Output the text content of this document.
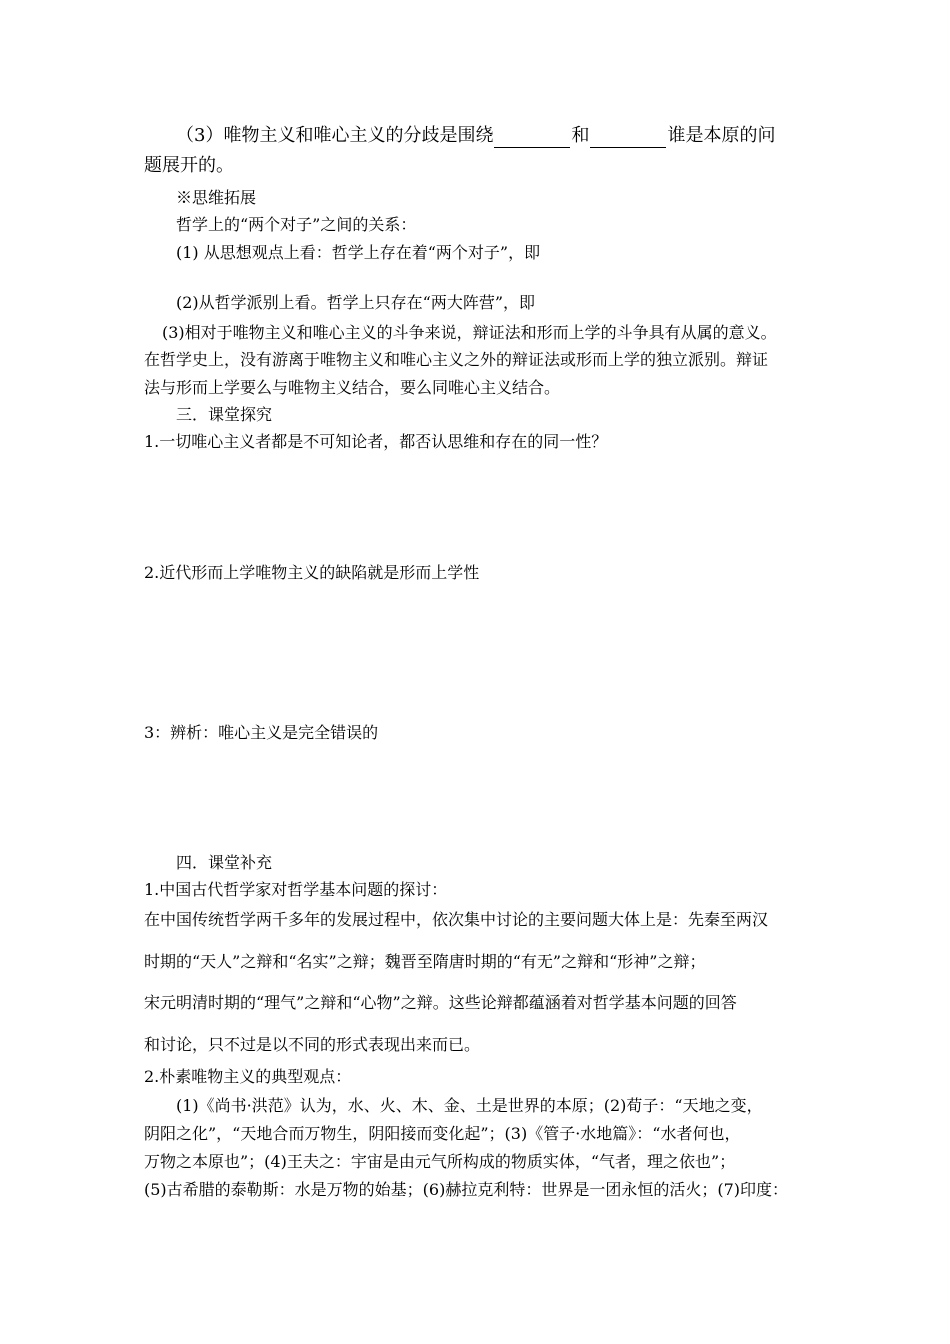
（3）唯物主义和唯心主义的分歧是围绕	和	谁是本原的问
题展开的。
※思维拓展
哲学上的“两个对子”之间的关系：
(1) 从思想观点上看：哲学上存在着“两个对子”，即
(2)从哲学派别上看。哲学上只存在“两大阵营”，即
(3)相对于唯物主义和唯心主义的斗争来说，辩证法和形而上学的斗争具有从属的意义。
在哲学史上，没有游离于唯物主义和唯心主义之外的辩证法或形而上学的独立派别。辩证
法与形而上学要么与唯物主义结合，要么同唯心主义结合。
三．课堂探究
1.一切唯心主义者都是不可知论者，都否认思维和存在的同一性？
2.近代形而上学唯物主义的缺陷就是形而上学性
3：辨析：唯心主义是完全错误的
四．课堂补充
1.中国古代哲学家对哲学基本问题的探讨：
在中国传统哲学两千多年的发展过程中，依次集中讨论的主要问题大体上是：先秦至两汉
时期的“天人”之辩和“名实”之辩；魏晋至隋唐时期的“有无”之辩和“形神”之辩；
宋元明清时期的“理气”之辩和“心物”之辩。这些论辩都蕴涵着对哲学基本问题的回答
和讨论，只不过是以不同的形式表现出来而已。
2.朴素唯物主义的典型观点：
(1)《尚书·洪范》认为，水、火、木、金、土是世界的本原；(2)荀子：“天地之变，
阴阳之化”，“天地合而万物生，阴阳接而变化起”；(3)《管子·水地篇》：“水者何也，
万物之本原也”；(4)王夫之：宇宙是由元气所构成的物质实体，“气者，理之依也”；
(5)古希腊的泰勒斯：水是万物的始基；(6)赫拉克利特：世界是一团永恒的活火；(7)印度：
